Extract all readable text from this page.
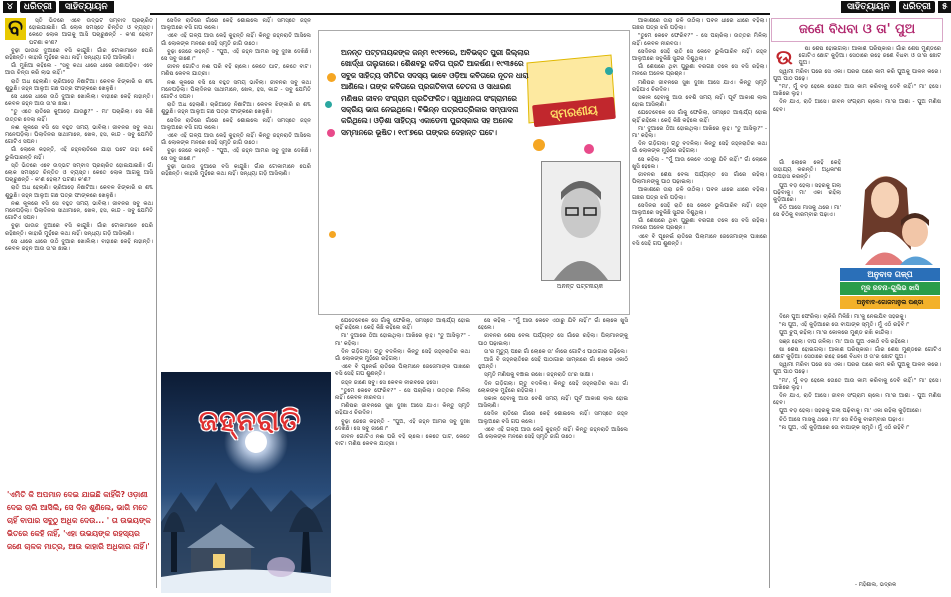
୪	ଧରିତ୍ରୀ	ସାହିତ୍ୟାୟନ	ସାହିତ୍ୟାୟନ	ଧରିତ୍ରୀ	୫
ବ	ସ୍ତି ଭିତରେ ଏବେ ଉଦ୍ଭଟ ସମ୍ବାଦ ପ୍ରଚାରିତ ହୋଇଯାଇଛି। ଗାଁ ଲୋକ ସମସ୍ତେ ଚିନ୍ତିତ ଓ ବ୍ୟସ୍ତ। କେତେ ଲୋକ ଆଗକୁ ଆସି ପଚାରୁଛନ୍ତି - କ'ଣ ହେଲା? ଘଟଣା କ'ଣ?

ବୁଢ଼ୀ ଭାଉଜ ଦୁଆରେ ବସି କାନ୍ଦୁଛି। ଗାଁର ଟୋକାମାନେ ଘେରି ରହିଛନ୍ତି। କାହାରି ମୁହଁରେ କଥା ନାହିଁ। ସନ୍ଧ୍ୟା ଗଡ଼ି ଆସିଲାଣି।

ଗାଁ ମୁଖିଆ କହିଲେ - "ସବୁ କଥା ଧୀରେ ଧୀରେ ଜଣାପଡ଼ିବ। ଏବେ ଆଉ ଚିନ୍ତା କରି ଲାଭ ନାହିଁ।"

ରାତି ଅଧ ହେଲାଣି। ଚାରିଆଡ଼େ ନିଛାଟିଆ। କେବଳ ଝିଙ୍କାରି ର ଶବ୍ଦ ଶୁଭୁଛି। ଜହ୍ନ ଆଲୁଅ ଗଛ ପତ୍ର ଫାଙ୍କରେ ଖେଳୁଛି।

ସେ ଧୀରେ ଧୀରେ ଉଠି ଦୁଆର ଖୋଲିଲା। ବାହାରେ କେହି ନାହାନ୍ତି। କେବଳ ଜହ୍ନ ଆଉ ତା'ର ଛାଇ।

"ତୁ ଏତେ ରାତିରେ କୁଆଡ଼େ ଯାଉଛୁ?" - ମା' ପଚାରିଲା। ସେ କିଛି ଉତ୍ତର ଦେଲା ନାହିଁ।

ନଈ କୂଳରେ ବସି ସେ ବହୁତ ସମୟ ଭାବିଲା। ଜୀବନର ସବୁ କଥା ମନେପଡ଼ିଲା। ପିଲାଦିନର ସାଥୀମାନେ, ଖେଳ, ହସ, କାନ୍ଦ - ସବୁ ଯେମିତି ଗୋଟିଏ ସପନ।

ଗାଁ ଲୋକେ କହନ୍ତି, ଏହି ଜହ୍ନରାତିରେ ଯାହା ଘଟେ ତାହା କେହି ଭୁଲିପାରନ୍ତି ନାହିଁ।

ସ୍ତି ଭିତରେ ଏବେ ଉଦ୍ଭଟ ସମ୍ବାଦ ପ୍ରଚାରିତ ହୋଇଯାଇଛି। ଗାଁ ଲୋକ ସମସ୍ତେ ଚିନ୍ତିତ ଓ ବ୍ୟସ୍ତ। କେତେ ଲୋକ ଆଗକୁ ଆସି ପଚାରୁଛନ୍ତି - କ'ଣ ହେଲା? ଘଟଣା କ'ଣ?

ରାତି ଅଧ ହେଲାଣି। ଚାରିଆଡ଼େ ନିଛାଟିଆ। କେବଳ ଝିଙ୍କାରି ର ଶବ୍ଦ ଶୁଭୁଛି। ଜହ୍ନ ଆଲୁଅ ଗଛ ପତ୍ର ଫାଙ୍କରେ ଖେଳୁଛି।

ନଈ କୂଳରେ ବସି ସେ ବହୁତ ସମୟ ଭାବିଲା। ଜୀବନର ସବୁ କଥା ମନେପଡ଼ିଲା। ପିଲାଦିନର ସାଥୀମାନେ, ଖେଳ, ହସ, କାନ୍ଦ - ସବୁ ଯେମିତି ଗୋଟିଏ ସପନ।

ବୁଢ଼ୀ ଭାଉଜ ଦୁଆରେ ବସି କାନ୍ଦୁଛି। ଗାଁର ଟୋକାମାନେ ଘେରି ରହିଛନ୍ତି। କାହାରି ମୁହଁରେ କଥା ନାହିଁ। ସନ୍ଧ୍ୟା ଗଡ଼ି ଆସିଲାଣି।

ସେ ଧୀରେ ଧୀରେ ଉଠି ଦୁଆର ଖୋଲିଲା। ବାହାରେ କେହି ନାହାନ୍ତି। କେବଳ ଜହ୍ନ ଆଉ ତା'ର ଛାଇ।

ସେଦିନ ରାତିରେ ଗାଁରେ କେହି ଶୋଇଲେ ନାହିଁ। ସମସ୍ତେ ଜହ୍ନ ଆଲୁଅରେ ବସି ଗପ କଲେ।

ଏବେ ଏହି ଗଳ୍ପ ଆଉ କେହି କୁହନ୍ତି ନାହିଁ। କିନ୍ତୁ ଜହ୍ନରାତି ଆସିଲେ ଗାଁ ଲୋକଙ୍କ ମନରେ ସେହି ସ୍ମୃତି ଜାଗି ଉଠେ।

ବୁଢ଼ା ଜେଜେ କହନ୍ତି - "ପୁଅ, ଏହି ଜହ୍ନ ଆମର ସବୁ ଦୁଃଖ ଦେଖିଛି। ସେ ସବୁ ଜାଣେ।"

ଜୀବନ ଗୋଟିଏ ନଈ ପରି ବହି ଚାଲେ। କେତେ ଘାଟ, କେତେ ବାଟ। ମଣିଷ କେବଳ ଯାତ୍ରୀ।

ନଈ କୂଳରେ ବସି ସେ ବହୁତ ସମୟ ଭାବିଲା। ଜୀବନର ସବୁ କଥା ମନେପଡ଼ିଲା। ପିଲାଦିନର ସାଥୀମାନେ, ଖେଳ, ହସ, କାନ୍ଦ - ସବୁ ଯେମିତି ଗୋଟିଏ ସପନ।

ରାତି ଅଧ ହେଲାଣି। ଚାରିଆଡ଼େ ନିଛାଟିଆ। କେବଳ ଝିଙ୍କାରି ର ଶବ୍ଦ ଶୁଭୁଛି। ଜହ୍ନ ଆଲୁଅ ଗଛ ପତ୍ର ଫାଙ୍କରେ ଖେଳୁଛି।

ସେଦିନ ରାତିରେ ଗାଁରେ କେହି ଶୋଇଲେ ନାହିଁ। ସମସ୍ତେ ଜହ୍ନ ଆଲୁଅରେ ବସି ଗପ କଲେ।

ଏବେ ଏହି ଗଳ୍ପ ଆଉ କେହି କୁହନ୍ତି ନାହିଁ। କିନ୍ତୁ ଜହ୍ନରାତି ଆସିଲେ ଗାଁ ଲୋକଙ୍କ ମନରେ ସେହି ସ୍ମୃତି ଜାଗି ଉଠେ।

ବୁଢ଼ା ଜେଜେ କହନ୍ତି - "ପୁଅ, ଏହି ଜହ୍ନ ଆମର ସବୁ ଦୁଃଖ ଦେଖିଛି। ସେ ସବୁ ଜାଣେ।"

ବୁଢ଼ୀ ଭାଉଜ ଦୁଆରେ ବସି କାନ୍ଦୁଛି। ଗାଁର ଟୋକାମାନେ ଘେରି ରହିଛନ୍ତି। କାହାରି ମୁହଁରେ କଥା ନାହିଁ। ସନ୍ଧ୍ୟା ଗଡ଼ି ଆସିଲାଣି।

ଅନନ୍ତ ପଟ୍ଟନାୟକଙ୍କ ଜନ୍ମ ୧୯୧୨ରେ, ଅବିଭକ୍ତ ପୁରୀ ଜିଲ୍ଲାର ଖୋର୍ଦ୍ଧା ତାଲୁକାରେ। ଶୈଶବରୁ କବିତା ପ୍ରତି ଆକର୍ଷଣ। ୧୯୩୫ରେ ସବୁଜ ସାହିତ୍ୟ ସମିତିର ସଦସ୍ୟ ଭାବେ ଓଡ଼ିଆ କବିତାରେ ନୂତନ ଧାରା ଆଣିଲେ। ତାଙ୍କ କବିତାରେ ପ୍ରଗତିବାଦୀ ଚେତନା ଓ ସାଧାରଣ ମଣିଷର ଜୀବନ ସଂଗ୍ରାମ ପ୍ରତିଫଳିତ। ସ୍ୱାଧୀନତା ସଂଗ୍ରାମରେ ସକ୍ରିୟ ଭାଗ ନେଇଥିଲେ। ବିଭିନ୍ନ ପତ୍ରପତ୍ରିକାର ସମ୍ପାଦନା କରିଥିଲେ। ଓଡ଼ିଶା ସାହିତ୍ୟ ଏକାଡେମୀ ପୁରସ୍କାର ସହ ଅନେକ ସମ୍ମାନରେ ଭୂଷିତ। ୧୯୮୭ରେ ତାଙ୍କର ଦେହାନ୍ତ ଘଟେ।
ସ୍ମରଣୀୟ
ଅନନ୍ତ ପଟ୍ଟନାୟକ

ଆକାଶରେ ତାରା ଜଳି ଉଠିଲା। ପବନ ଧୀରେ ଧୀରେ ବହିଲା। ଗଛର ପତ୍ର ଝରି ପଡ଼ିଲା।

"ତୁମେ କେବେ ଫେରିବ?" - ସେ ପଚାରିଲା। ଉତ୍ତର ମିଳିଲା ନାହିଁ। କେବଳ ନୀରବତା।

ସେଦିନର ସେହି ରାତି ସେ କେବେ ଭୁଲିପାରିବ ନାହିଁ। ଜହ୍ନ ଆଲୁଅରେ ସବୁକିଛି ସୁନ୍ଦର ଦିଶୁଥିଲା।

ଗାଁ ଶେଷରେ ଥିବା ପୁରୁଣା ବରଗଛ ତଳେ ସେ ବସି ରହିଲା। ମନରେ ଅନେକ ପ୍ରଶ୍ନ।

ମଣିଷର ଜୀବନରେ ସୁଖ ଦୁଃଖ ଆସେ ଯାଏ। କିନ୍ତୁ ସ୍ମୃତି ରହିଯାଏ ଚିରଦିନ।

ସକାଳ ହେବାକୁ ଆଉ ବେଶି ସମୟ ନାହିଁ। ପୂର୍ବ ଆକାଶ ଲାଲ ହୋଇ ଆସିଲାଣି।

ଯେତେବେଳେ ସେ ଗାଁକୁ ଫେରିଲା, ସମସ୍ତେ ଆଶ୍ଚର୍ଯ୍ୟ ହୋଇ ଚାହିଁ ରହିଲେ। କେହି କିଛି କହିଲେ ନାହିଁ।

ମା' ଦୁଆରେ ଠିଆ ହୋଇଥିଲା। ଆଖିରେ ଲୁହ। "ତୁ ଆସିଲୁ?" - ମା' କହିଲା।

ଦିନ ଗଡ଼ିଗଲା। ଋତୁ ବଦଳିଲା। କିନ୍ତୁ ସେହି ଜହ୍ନରାତିର କଥା ଗାଁ ଲୋକଙ୍କ ମୁହଁରେ ରହିଗଲା।

ସେ କହିଲା - "ମୁଁ ଆଉ କେବେ ଏଠାରୁ ଯିବି ନାହିଁ।" ଗାଁ ଲୋକେ ଖୁସି ହେଲେ।

ଜୀବନର ଶେଷ ବେଳା ପର୍ଯ୍ୟନ୍ତ ସେ ଗାଁରେ ରହିଲା। ପିଲାମାନଙ୍କୁ ପାଠ ପଢ଼ାଇଲା।

ଆକାଶରେ ତାରା ଜଳି ଉଠିଲା। ପବନ ଧୀରେ ଧୀରେ ବହିଲା। ଗଛର ପତ୍ର ଝରି ପଡ଼ିଲା।

ସେଦିନର ସେହି ରାତି ସେ କେବେ ଭୁଲିପାରିବ ନାହିଁ। ଜହ୍ନ ଆଲୁଅରେ ସବୁକିଛି ସୁନ୍ଦର ଦିଶୁଥିଲା।

ଗାଁ ଶେଷରେ ଥିବା ପୁରୁଣା ବରଗଛ ତଳେ ସେ ବସି ରହିଲା। ମନରେ ଅନେକ ପ୍ରଶ୍ନ।

ଏବେ ବି ପୂନେଇଁ ରାତିରେ ପିଲାମାନେ ଜେଜେମାଙ୍କ ପାଖରେ ବସି ସେହି ଗପ ଶୁଣନ୍ତି।

ଯେତେବେଳେ ସେ ଗାଁକୁ ଫେରିଲା, ସମସ୍ତେ ଆଶ୍ଚର୍ଯ୍ୟ ହୋଇ ଚାହିଁ ରହିଲେ। କେହି କିଛି କହିଲେ ନାହିଁ।

ମା' ଦୁଆରେ ଠିଆ ହୋଇଥିଲା। ଆଖିରେ ଲୁହ। "ତୁ ଆସିଲୁ?" - ମା' କହିଲା।

ଦିନ ଗଡ଼ିଗଲା। ଋତୁ ବଦଳିଲା। କିନ୍ତୁ ସେହି ଜହ୍ନରାତିର କଥା ଗାଁ ଲୋକଙ୍କ ମୁହଁରେ ରହିଗଲା।

ଏବେ ବି ପୂନେଇଁ ରାତିରେ ପିଲାମାନେ ଜେଜେମାଙ୍କ ପାଖରେ ବସି ସେହି ଗପ ଶୁଣନ୍ତି।

ଜହ୍ନ ଜାଣେ ସବୁ। ସେ କେବଳ ନୀରବରେ ହସେ।

"ତୁମେ କେବେ ଫେରିବ?" - ସେ ପଚାରିଲା। ଉତ୍ତର ମିଳିଲା ନାହିଁ। କେବଳ ନୀରବତା।

ମଣିଷର ଜୀବନରେ ସୁଖ ଦୁଃଖ ଆସେ ଯାଏ। କିନ୍ତୁ ସ୍ମୃତି ରହିଯାଏ ଚିରଦିନ।

ବୁଢ଼ା ଜେଜେ କହନ୍ତି - "ପୁଅ, ଏହି ଜହ୍ନ ଆମର ସବୁ ଦୁଃଖ ଦେଖିଛି। ସେ ସବୁ ଜାଣେ।"

ଜୀବନ ଗୋଟିଏ ନଈ ପରି ବହି ଚାଲେ। କେତେ ଘାଟ, କେତେ ବାଟ। ମଣିଷ କେବଳ ଯାତ୍ରୀ।

ସେ କହିଲା - "ମୁଁ ଆଉ କେବେ ଏଠାରୁ ଯିବି ନାହିଁ।" ଗାଁ ଲୋକେ ଖୁସି ହେଲେ।

ଜୀବନର ଶେଷ ବେଳା ପର୍ଯ୍ୟନ୍ତ ସେ ଗାଁରେ ରହିଲା। ପିଲାମାନଙ୍କୁ ପାଠ ପଢ଼ାଇଲା।

ତା'ର ମୃତ୍ୟୁ ପରେ ଗାଁ ଲୋକେ ତା' ନାଁରେ ଗୋଟିଏ ପାଠାଗାର ଗଢ଼ିଲେ।

ଆଜି ବି ଜହ୍ନରାତିରେ ସେହି ପାଠାଗାର ସାମ୍ନାରେ ଗାଁ ଲୋକେ ଏକାଠି ହୁଅନ୍ତି।

ସ୍ମୃତି ମଣିଷକୁ ବଞ୍ଚାଇ ରଖେ। ଜହ୍ନରାତି ତା'ର ସାକ୍ଷୀ।

ଦିନ ଗଡ଼ିଗଲା। ଋତୁ ବଦଳିଲା। କିନ୍ତୁ ସେହି ଜହ୍ନରାତିର କଥା ଗାଁ ଲୋକଙ୍କ ମୁହଁରେ ରହିଗଲା।

ସକାଳ ହେବାକୁ ଆଉ ବେଶି ସମୟ ନାହିଁ। ପୂର୍ବ ଆକାଶ ଲାଲ ହୋଇ ଆସିଲାଣି।

ସେଦିନ ରାତିରେ ଗାଁରେ କେହି ଶୋଇଲେ ନାହିଁ। ସମସ୍ତେ ଜହ୍ନ ଆଲୁଅରେ ବସି ଗପ କଲେ।

ଏବେ ଏହି ଗଳ୍ପ ଆଉ କେହି କୁହନ୍ତି ନାହିଁ। କିନ୍ତୁ ଜହ୍ନରାତି ଆସିଲେ ଗାଁ ଲୋକଙ୍କ ମନରେ ସେହି ସ୍ମୃତି ଜାଗି ଉଠେ।

ଜହ୍ନରାତି
'ଏମିତି କି ଅପମାନ ଦେଇ ଯାଇଛି କାହିଁକି? ଓଡ଼ାଣୀ ଦେଇ ଚାଲି ଆସିଲି, ସେ ଦିନ ଶୁଣିଲେ, ଭାଗି ମତେ ଚାହିଁ ବାପାର ସବୁଠୁ ଅଧିକ ଦେଉ... ' ତା ଉଭୟଙ୍କ ଭିତରେ କେହି ନାହିଁ, 'ଏହା ଉଭୟଙ୍କ ରହସ୍ୟର ଜଣେ ଚାଳକ ମାତ୍ର, ଆଉ କାହାରି ଅଧିକାର ନାହିଁ।'
ଜଣେ ବିଧବା ଓ ତା' ପୁଅ
ଉ	ଷା ଶେଷ ହୋଇଗଲା। ଆକାଶ ପରିଷ୍କାର। ଗାଁର ଶେଷ ମୁଣ୍ଡରେ ଗୋଟିଏ ଛୋଟ କୁଡ଼ିଆ। ସେଠାରେ ରହେ ଜଣେ ବିଧବା ଓ ତା'ର ଛୋଟ ପୁଅ।

ସ୍ୱାମୀ ମରିବା ପରେ ସେ ଏକା। ପରର ଘରେ କାମ କରି ପୁଅକୁ ପାଳନ କରେ। ପୁଅ ପାଠ ପଢ଼େ।

"ମା', ମୁଁ ବଡ଼ ହେଲେ ତୋତେ ଆଉ କାମ କରିବାକୁ ଦେବି ନାହିଁ।" ମା' ହସେ। ଆଖିରେ ଲୁହ।

ଦିନ ଯାଏ, ରାତି ଆସେ। ଜୀବନ ସଂଗ୍ରାମ ଚାଲେ। ମା'ର ଆଶା - ପୁଅ ମଣିଷ ହେବ।

ଗାଁ ଲୋକେ କେହି କେହି ସାହାଯ୍ୟ କରନ୍ତି। ଅଧିକାଂଶ ଉପହାସ କରନ୍ତି।

ପୁଅ ବଡ଼ ହେଲା। ସହରକୁ ଗଲା ପଢ଼ିବାକୁ। ମା' ଏକା ରହିଲା କୁଡ଼ିଆରେ।

ଚିଠି ଆସେ ମାସକୁ ଥରେ। ମା' ସେ ଚିଠିକୁ ବାରମ୍ବାର ପଢ଼ାଏ।

ଅନୁବାଦ ଗଳ୍ପ
ମୂଳ ରଚନା–ଗୁଲିଭ ଝାସି
ଅନୁବାଦ–ଗୋଜମାନୁଲ ପଣ୍ଡା

ଦିନେ ପୁଅ ଫେରିଲା। ଚାକିରି ମିଳିଛି। ମା'କୁ ନେଇଯିବ ସହରକୁ।

"ନା ପୁଅ, ଏହି କୁଡ଼ିଆରେ ତୋ ବାପାଙ୍କ ସ୍ମୃତି। ମୁଁ ଏଠି ରହିବି।"

ପୁଅ ଚୁପ୍ ରହିଲା। ମା'ର କୋଳରେ ମୁଣ୍ଡ ରଖି କାନ୍ଦିଲା।

ସଞ୍ଜ ହେଲା। ଦୀପ ଜଳିଲା। ମା' ଆଉ ପୁଅ ଏକାଠି ବସି ରହିଲେ।

ଷା ଶେଷ ହୋଇଗଲା। ଆକାଶ ପରିଷ୍କାର। ଗାଁର ଶେଷ ମୁଣ୍ଡରେ ଗୋଟିଏ ଛୋଟ କୁଡ଼ିଆ। ସେଠାରେ ରହେ ଜଣେ ବିଧବା ଓ ତା'ର ଛୋଟ ପୁଅ।

ସ୍ୱାମୀ ମରିବା ପରେ ସେ ଏକା। ପରର ଘରେ କାମ କରି ପୁଅକୁ ପାଳନ କରେ। ପୁଅ ପାଠ ପଢ଼େ।

"ମା', ମୁଁ ବଡ଼ ହେଲେ ତୋତେ ଆଉ କାମ କରିବାକୁ ଦେବି ନାହିଁ।" ମା' ହସେ। ଆଖିରେ ଲୁହ।

ଦିନ ଯାଏ, ରାତି ଆସେ। ଜୀବନ ସଂଗ୍ରାମ ଚାଲେ। ମା'ର ଆଶା - ପୁଅ ମଣିଷ ହେବ।

ପୁଅ ବଡ଼ ହେଲା। ସହରକୁ ଗଲା ପଢ଼ିବାକୁ। ମା' ଏକା ରହିଲା କୁଡ଼ିଆରେ।

ଚିଠି ଆସେ ମାସକୁ ଥରେ। ମା' ସେ ଚିଠିକୁ ବାରମ୍ବାର ପଢ଼ାଏ।

"ନା ପୁଅ, ଏହି କୁଡ଼ିଆରେ ତୋ ବାପାଙ୍କ ସ୍ମୃତି। ମୁଁ ଏଠି ରହିବି।"

- ମହିଶାଲ, ଭଦ୍ରକ
